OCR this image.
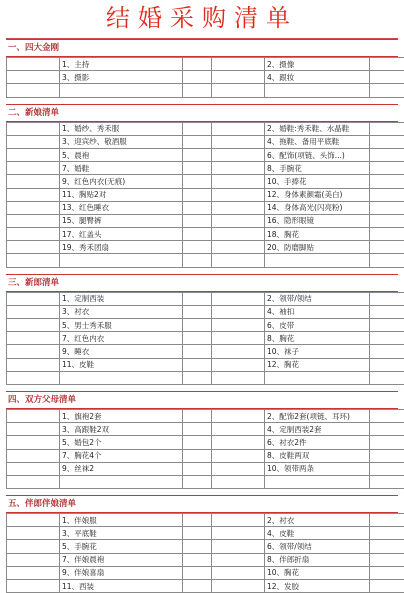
结婚采购清单
一、四大金刚
	1、主持			2、摄像	
	3、摄影			4、跟妆	

二、新娘清单
	1、婚纱、秀禾服			2、婚鞋:秀禾鞋、水晶鞋	
	3、迎宾纱、敬酒服			4、拖鞋、备用平底鞋	
	5、晨袍			6、配饰(项链、头饰...)	
	7、婚鞋			8、手腕花	
	9、红色内衣(无痕)			10、手捧花	
	11、胸贴2对			12、身体素颜霜(美白)	
	13、红色睡衣			14、身体高光(闪亮粉)	
	15、腿臀裤			16、隐形眼镜	
	17、红盖头			18、胸花	
	19、秀禾团扇			20、防磨脚贴	

三、新郎清单
	1、定制西装			2、领带/领结	
	3、衬衣			4、袖扣	
	5、男士秀禾服			6、皮带	
	7、红色内衣			8、胸花	
	9、睡衣			10、袜子	
	11、皮鞋			12、胸花	

四、双方父母清单
	1、旗袍2套			2、配饰2套(项链、耳环)	
	3、高跟鞋2双			4、定制西装2套	
	5、婚包2个			6、衬衣2件	
	7、胸花4个			8、皮鞋两双	
	9、丝袜2			10、领带两条	

五、伴郎伴娘清单
	1、伴娘服			2、衬衣	
	3、平底鞋			4、皮鞋	
	5、手腕花			6、领带/领结	
	7、伴娘晨袍			8、伴郎折扇	
	9、伴娘喜扇			10、胸花	
	11、西装			12、发胶	
